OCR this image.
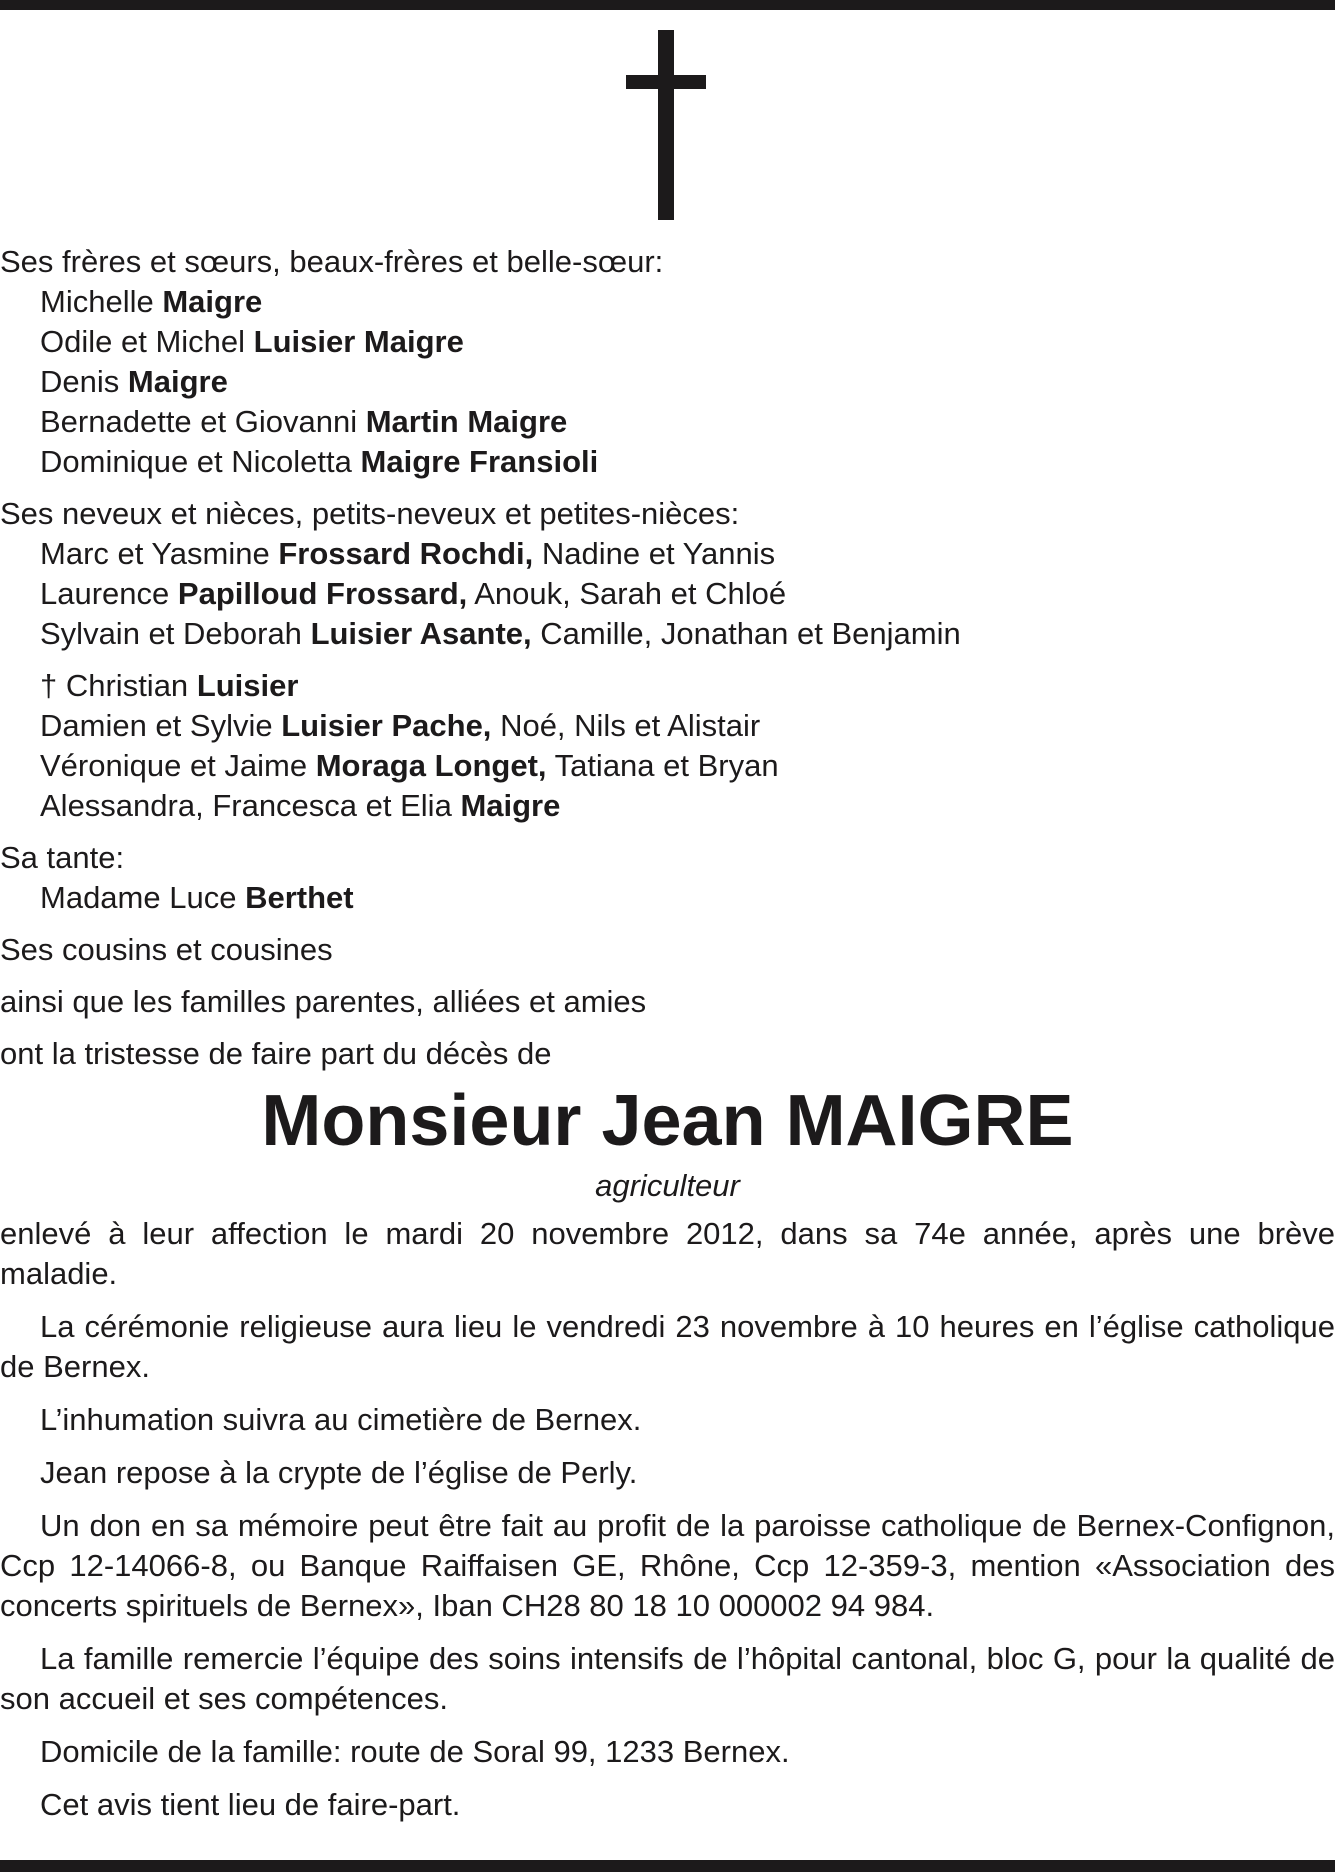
Ses frères et sœurs, beaux-frères et belle-sœur:

Michelle Maigre

Odile et Michel Luisier Maigre

Denis Maigre

Bernadette et Giovanni Martin Maigre

Dominique et Nicoletta Maigre Fransioli

Ses neveux et nièces, petits-neveux et petites-nièces:

Marc et Yasmine Frossard Rochdi, Nadine et Yannis

Laurence Papilloud Frossard, Anouk, Sarah et Chloé

Sylvain et Deborah Luisier Asante, Camille, Jonathan et Benjamin

† Christian Luisier

Damien et Sylvie Luisier Pache, Noé, Nils et Alistair

Véronique et Jaime Moraga Longet, Tatiana et Bryan

Alessandra, Francesca et Elia Maigre

Sa tante:

Madame Luce Berthet

Ses cousins et cousines

ainsi que les familles parentes, alliées et amies

ont la tristesse de faire part du décès de

Monsieur Jean MAIGRE

agriculteur

enlevé à leur affection le mardi 20 novembre 2012, dans sa 74e année, après une brève maladie.

La cérémonie religieuse aura lieu le vendredi 23 novembre à 10 heures en l’église catholique de Bernex.

L’inhumation suivra au cimetière de Bernex.

Jean repose à la crypte de l’église de Perly.

Un don en sa mémoire peut être fait au profit de la paroisse catholique de Bernex-Confignon, Ccp 12-14066-8, ou Banque Raiffaisen GE, Rhône, Ccp 12-359-3, mention «Association des concerts spirituels de Bernex», Iban CH28 80 18 10 000002 94 984.

La famille remercie l’équipe des soins intensifs de l’hôpital cantonal, bloc G, pour la qualité de son accueil et ses compétences.

Domicile de la famille: route de Soral 99, 1233 Bernex.

Cet avis tient lieu de faire-part.
